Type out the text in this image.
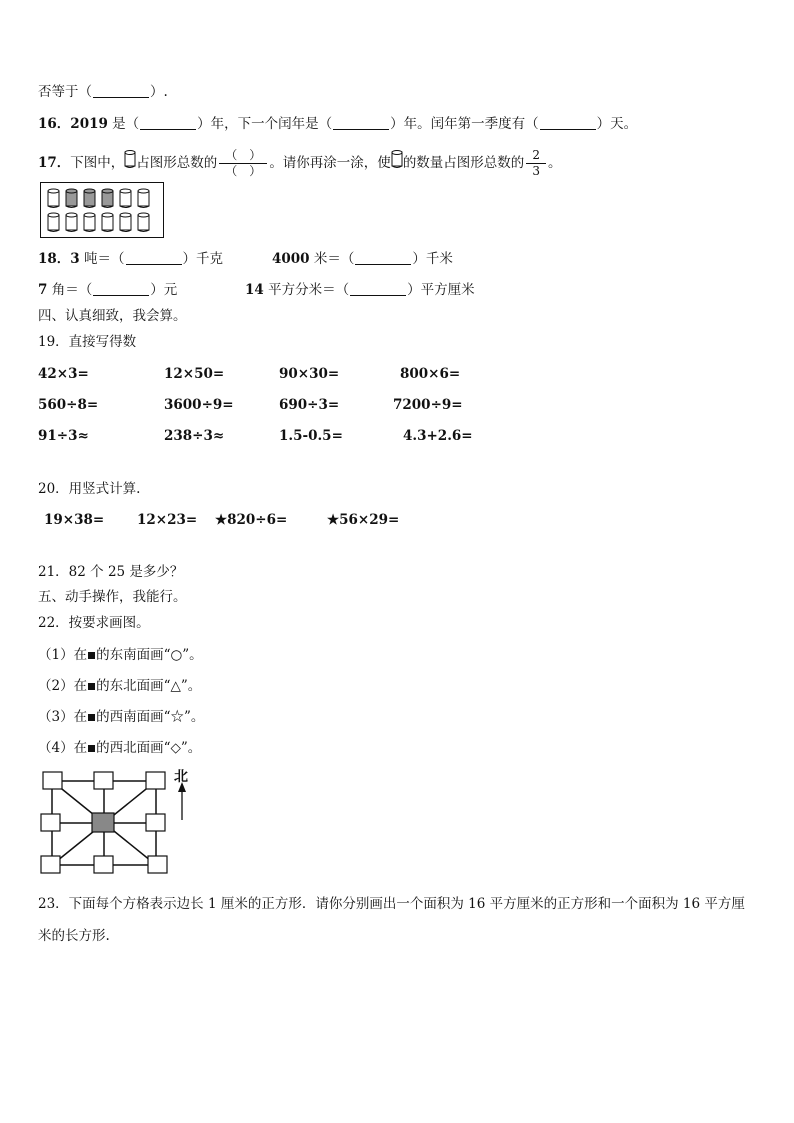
否等于（	）.
16．2019 是（	）年，下一个闰年是（	）年。闰年第一季度有（	）天。
17．下图中， 占图形总数的 $\frac{( )}{( )}$ 。请你再涂一涂，使 的数量占图形总数的 $\frac{2}{3}$ 。
18．3 吨＝（	）千克	4000 米＝（	）千米
7 角＝（	）元	14 平方分米＝（	）平方厘米
四、认真细致，我会算。
19．直接写得数
42×3=	12×50=	90×30=	800×6=
560÷8=	3600÷9=	690÷3=	7200÷9=
91÷3≈	238÷3≈	1.5-0.5=	4.3+2.6=
20．用竖式计算.
19×38= 12×23= ★820÷6=	★56×29=
21．82 个 25 是多少？
五、动手操作，我能行。
22．按要求画图。
（1）在 的东南面画“○”。
（2）在 的东北面画“△”。
（3）在 的西南面画“☆”。
（4）在 的西北面画“◇”。
北
23．下面每个方格表示边长 1 厘米的正方形．请你分别画出一个面积为 16 平方厘米的正方形和一个面积为 16 平方厘
米的长方形.
